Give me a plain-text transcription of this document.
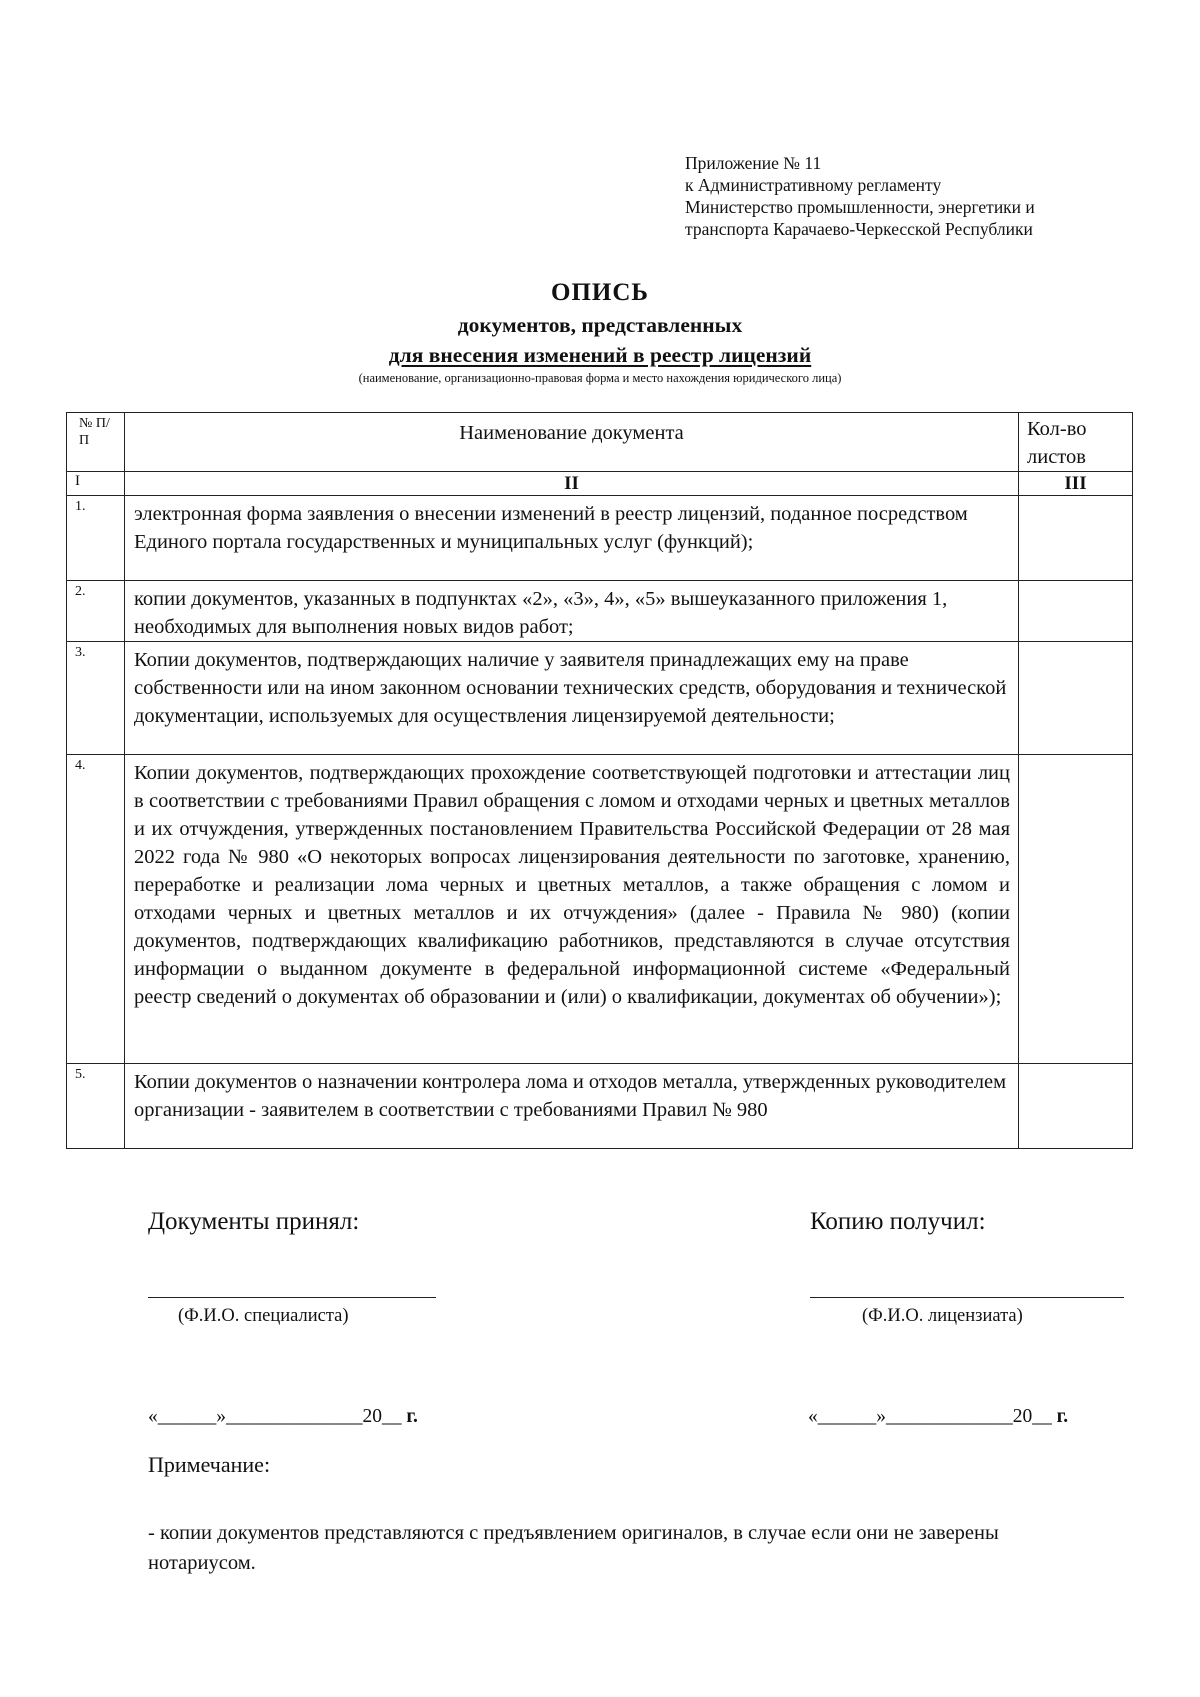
Приложение № 11
к Административному регламенту
Министерство промышленности, энергетики и
транспорта Карачаево-Черкесской Республики
ОПИСЬ
документов, представленных
для внесения изменений в реестр лицензий
(наименование, организационно-правовая форма и место нахождения юридического лица)
№ П/П	Наименование документа	Кол-во листов

I	II	III
1.	электронная форма заявления о внесении изменений в реестр лицензий, поданное посредством Единого портала государственных и муниципальных услуг (функций);	
2.	копии документов, указанных в подпунктах «2», «3», 4», «5» вышеуказанного приложения 1, необходимых для выполнения новых видов работ;	
3.	Копии документов, подтверждающих наличие у заявителя принадлежащих ему на праве собственности или на ином законном основании технических средств, оборудования и технической документации, используемых для осуществления лицензируемой деятельности;	
4.	Копии документов, подтверждающих прохождение соответствующей подготовки и аттестации лиц в соответствии с требованиями Правил обращения с ломом и отходами черных и цветных металлов и их отчуждения, утвержденных постановлением Правительства Российской Федерации от 28 мая 2022 года № 980 «О некоторых вопросах лицензирования деятельности по заготовке, хранению, переработке и реализации лома черных и цветных металлов, а также обращения с ломом и отходами черных и цветных металлов и их отчуждения» (далее - Правила № 980) (копии документов, подтверждающих квалификацию работников, представляются в случае отсутствия информации о выданном документе в федеральной информационной системе «Федеральный реестр сведений о документах об образовании и (или) о квалификации, документах об обучении»);	
5.	Копии документов о назначении контролера лома и отходов металла, утвержденных руководителем организации - заявителем в соответствии с требованиями Правил № 980	
Документы принял:	Копию получил:
(Ф.И.О. специалиста)	(Ф.И.О. лицензиата)
«______»______________20__ г.	«______»_____________20__ г.
Примечание:
- копии документов представляются с предъявлением оригиналов, в случае если они не заверены нотариусом.
